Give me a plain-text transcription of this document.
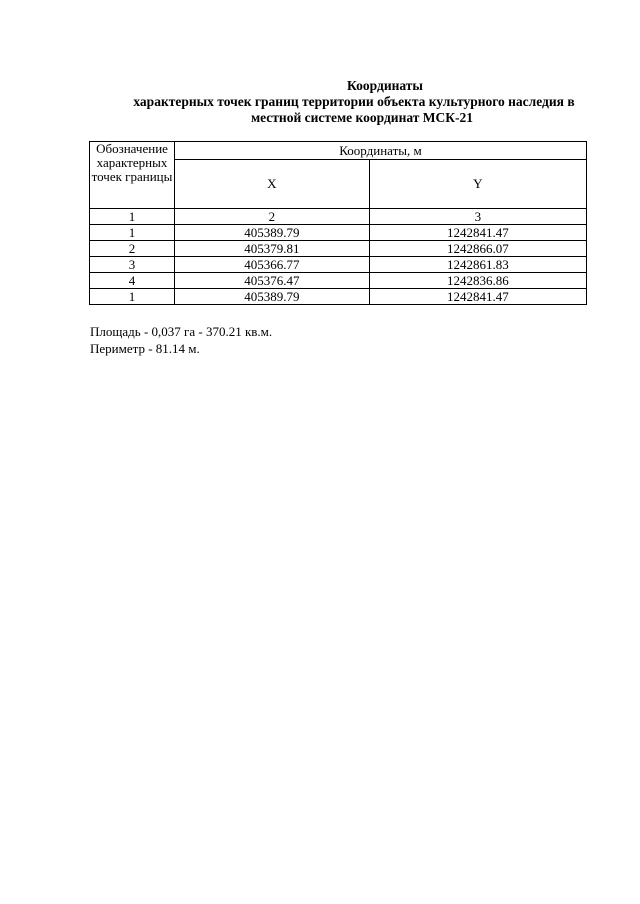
Координаты
характерных точек границ территории объекта культурного наследия в
местной системе координат МСК-21
Обозначение характерных точек границы	Координаты, м	
	X	Y
1	2	3
1	405389.79	1242841.47
2	405379.81	1242866.07
3	405366.77	1242861.83
4	405376.47	1242836.86
1	405389.79	1242841.47
Площадь - 0,037 га - 370.21 кв.м.
Периметр - 81.14 м.
